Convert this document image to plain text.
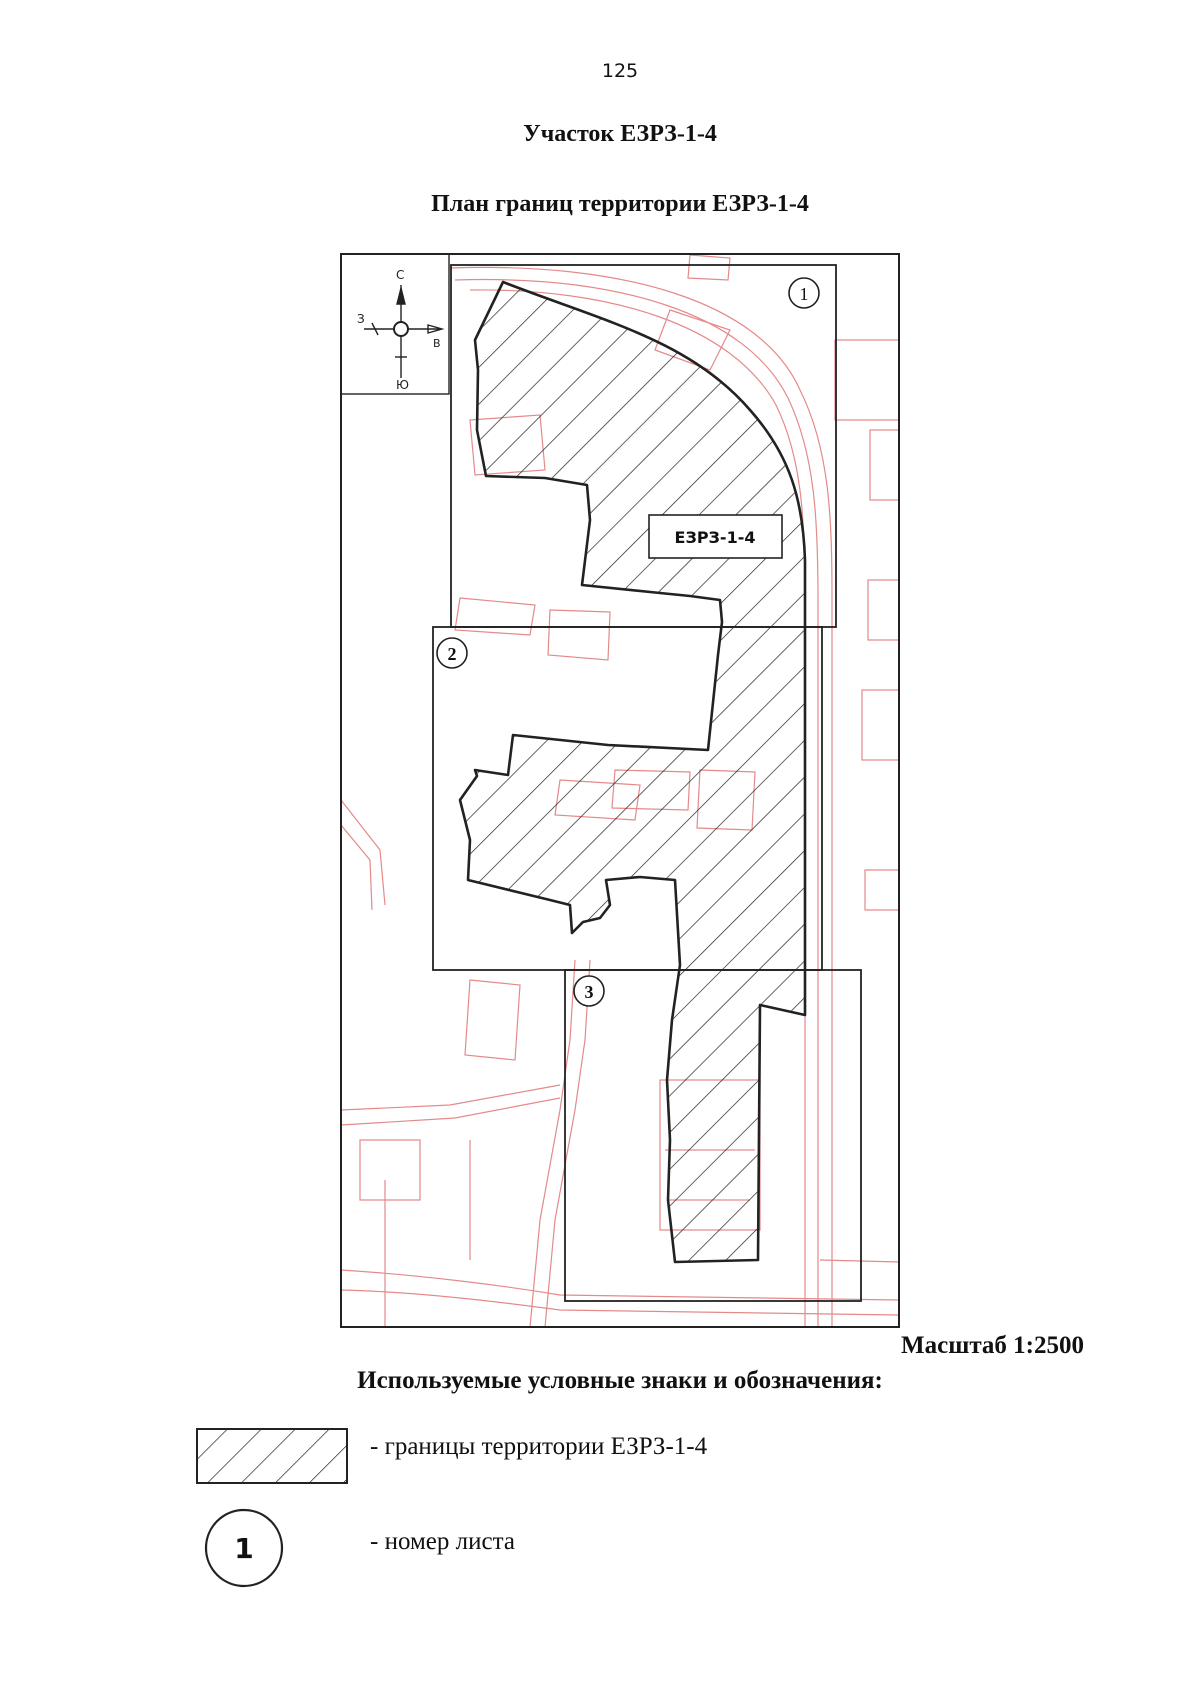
125
Участок ЕЗРЗ-1-4
План границ территории ЕЗРЗ-1-4
С
Ю
З
В
ЕЗРЗ-1-4
1
2
3
Масштаб 1:2500
Используемые условные знаки и обозначения:
- границы территории ЕЗРЗ-1-4
1	- номер листа
